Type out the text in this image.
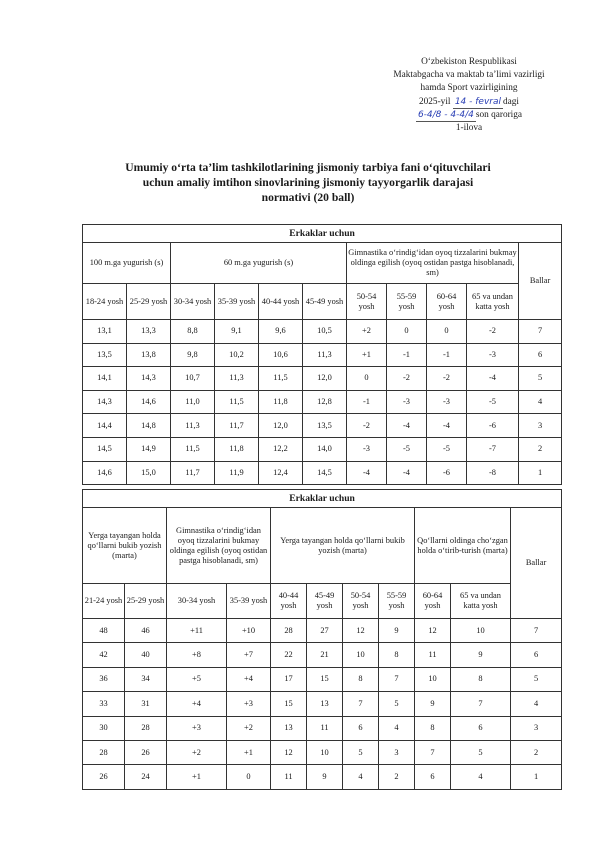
O‘zbekiston Respublikasi
Maktabgacha va maktab ta’limi vazirligi
hamda Sport vazirligining
2025-yil 14 - fevral dagi
6-4/8 - 4-4/4 son qaroriga
1-ilova
Umumiy o‘rta ta’lim tashkilotlarining jismoniy tarbiya fani o‘qituvchilari
uchun amaliy imtihon sinovlarining jismoniy tayyorgarlik darajasi
normativi (20 ball)
Erkaklar uchun										
100 m.ga yugurish (s)		60 m.ga yugurish (s)				Gimnastika o‘rindig‘idan oyoq tizzalarini bukmay oldinga egilish (oyoq ostidan pastga hisoblanadi, sm)				Ballar
18-24 yosh	25-29 yosh	30-34 yosh	35-39 yosh	40-44 yosh	45-49 yosh	50-54 yosh	55-59 yosh	60-64 yosh	65 va undan katta yosh	
13,1	13,3	8,8	9,1	9,6	10,5	+2	0	0	-2	7
13,5	13,8	9,8	10,2	10,6	11,3	+1	-1	-1	-3	6
14,1	14,3	10,7	11,3	11,5	12,0	0	-2	-2	-4	5
14,3	14,6	11,0	11,5	11,8	12,8	-1	-3	-3	-5	4
14,4	14,8	11,3	11,7	12,0	13,5	-2	-4	-4	-6	3
14,5	14,9	11,5	11,8	12,2	14,0	-3	-5	-5	-7	2
14,6	15,0	11,7	11,9	12,4	14,5	-4	-4	-6	-8	1
Erkaklar uchun										
Yerga tayangan holda qo‘llarni bukib yozish (marta)		Gimnastika o‘rindig‘idan oyoq tizzalarini bukmay oldinga egilish (oyoq ostidan pastga hisoblanadi, sm)		Yerga tayangan holda qo‘llarni bukib yozish (marta)				Qo‘llarni oldinga cho‘zgan holda o‘tirib-turish (marta)		Ballar
21-24 yosh	25-29 yosh	30-34 yosh	35-39 yosh	40-44 yosh	45-49 yosh	50-54 yosh	55-59 yosh	60-64 yosh	65 va undan katta yosh	
48	46	+11	+10	28	27	12	9	12	10	7
42	40	+8	+7	22	21	10	8	11	9	6
36	34	+5	+4	17	15	8	7	10	8	5
33	31	+4	+3	15	13	7	5	9	7	4
30	28	+3	+2	13	11	6	4	8	6	3
28	26	+2	+1	12	10	5	3	7	5	2
26	24	+1	0	11	9	4	2	6	4	1
